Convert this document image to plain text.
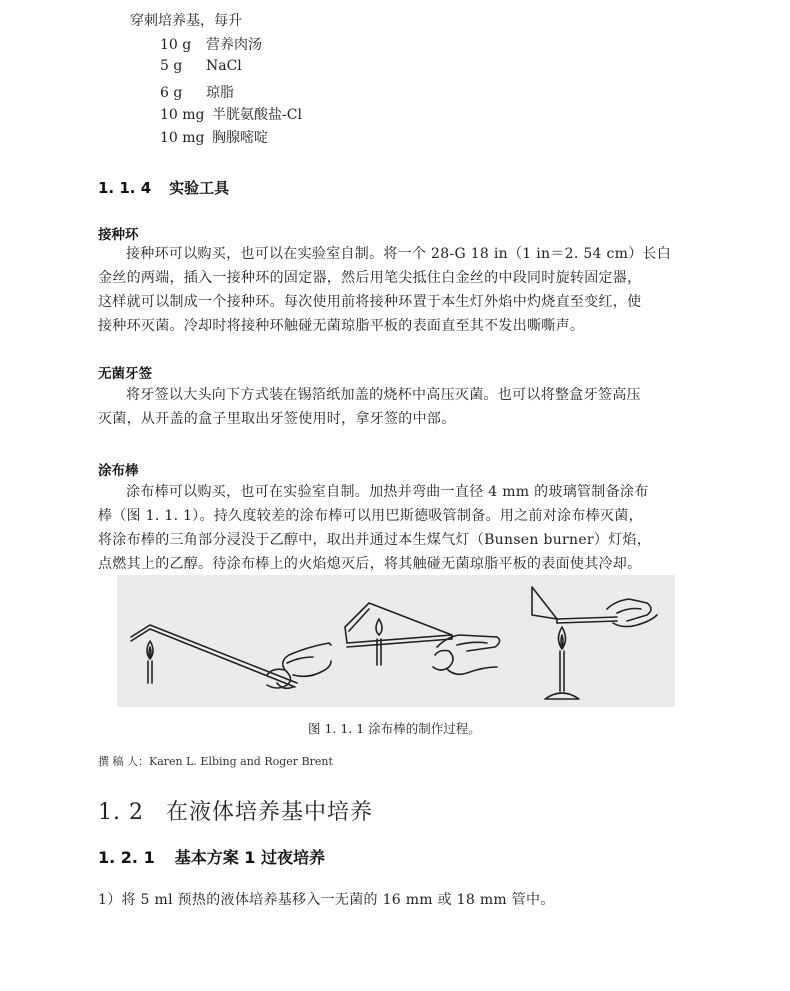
穿刺培养基，每升
10 g 营养肉汤
5 g NaCl
6 g 琼脂
10 mg 半胱氨酸盐-Cl
10 mg 胸腺嘧啶
1. 1. 4 实验工具
接种环

接种环可以购买，也可以在实验室自制。将一个 28-G 18 in（1 in＝2. 54 cm）长白

金丝的两端，插入一接种环的固定器，然后用笔尖抵住白金丝的中段同时旋转固定器，

这样就可以制成一个接种环。每次使用前将接种环置于本生灯外焰中灼烧直至变红，使

接种环灭菌。冷却时将接种环触碰无菌琼脂平板的表面直至其不发出嘶嘶声。

无菌牙签

将牙签以大头向下方式装在锡箔纸加盖的烧杯中高压灭菌。也可以将整盒牙签高压

灭菌，从开盖的盒子里取出牙签使用时，拿牙签的中部。

涂布棒

涂布棒可以购买，也可在实验室自制。加热并弯曲一直径 4 mm 的玻璃管制备涂布

棒（图 1. 1. 1）。持久度较差的涂布棒可以用巴斯德吸管制备。用之前对涂布棒灭菌，

将涂布棒的三角部分浸没于乙醇中，取出并通过本生煤气灯（Bunsen burner）灯焰，

点燃其上的乙醇。待涂布棒上的火焰熄灭后，将其触碰无菌琼脂平板的表面使其冷却。

图 1. 1. 1 涂布棒的制作过程。
撰 稿 人：Karen L. Elbing and Roger Brent
1. 2 在液体培养基中培养
1. 2. 1 基本方案 1 过夜培养
1）将 5 ml 预热的液体培养基移入一无菌的 16 mm 或 18 mm 管中。
